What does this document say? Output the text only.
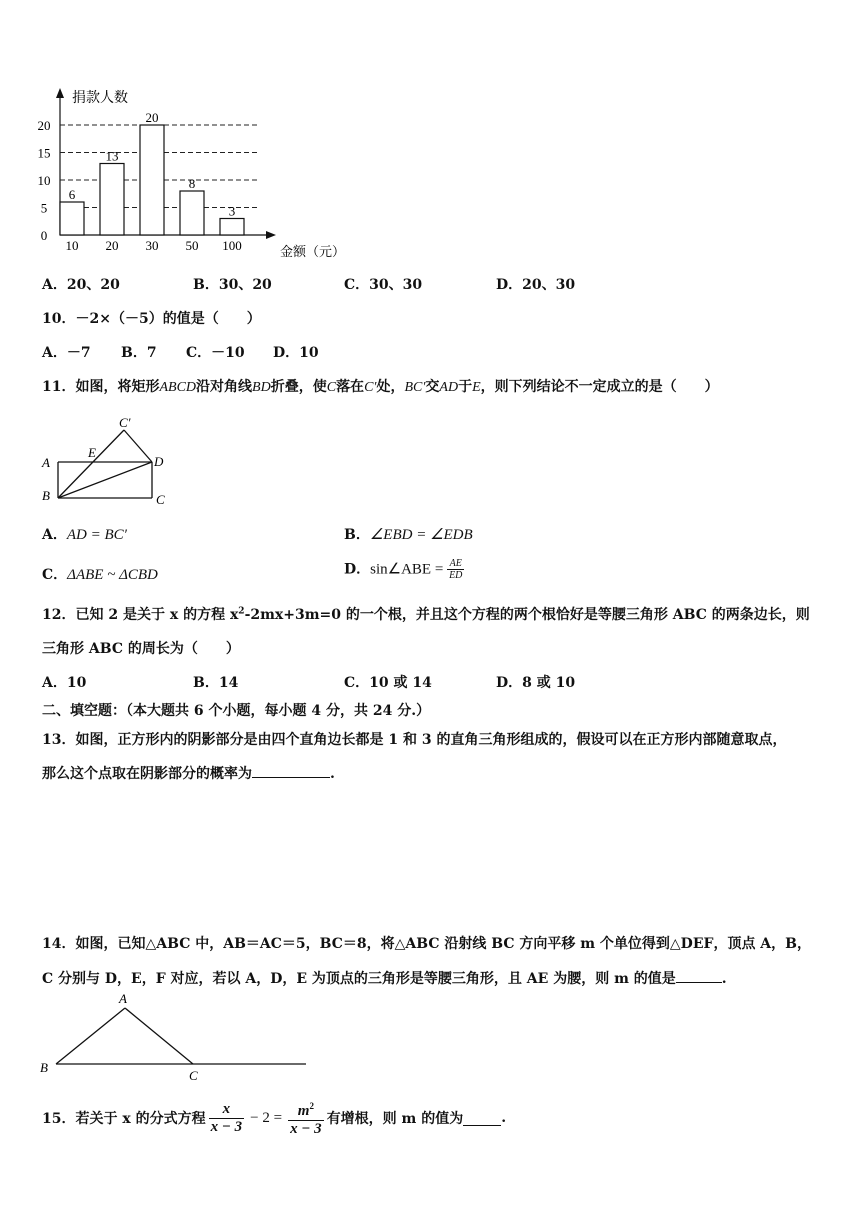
0
5
10
15
20
6
10
13
20
20
30
8
50
3
100
捐款人数
金额（元）
A．20、20	B．30、20	C．30、30	D．20、30
10．－2×（－5）的值是（　　）
A．－7 B．7 C．－10 D．10
11．如图，将矩形ABCD沿对角线BD折叠，使C落在C′处，BC′交AD于E，则下列结论不一定成立的是（　　）
C′
E
A	D
B	C
A．AD = BC′	B．∠EBD = ∠EDB
C．ΔABE ~ ΔCBD	D．sin∠ABE = $\frac{AE}{ED}$
12．已知 2 是关于 x 的方程 $x^2-2mx+3m=0$ 的一个根，并且这个方程的两个根恰好是等腰三角形 ABC 的两条边长，则
三角形 ABC 的周长为（　　）
A．10	B．14	C．10 或 14	D．8 或 10
二、填空题：（本大题共 6 个小题，每小题 4 分，共 24 分.）
13．如图，正方形内的阴影部分是由四个直角边长都是 1 和 3 的直角三角形组成的，假设可以在正方形内部随意取点，
那么这个点取在阴影部分的概率为	.
14．如图，已知△ABC 中，AB＝AC＝5，BC＝8，将△ABC 沿射线 BC 方向平移 m 个单位得到△DEF，顶点 A，B，
C 分别与 D，E，F 对应，若以 A，D，E 为顶点的三角形是等腰三角形，且 AE 为腰，则 m 的值是	.
A
B
C
15．若关于 x 的分式方程 $\frac{x}{x - 3} - 2 = \frac{m^2}{x - 3}$ 有增根，则 m 的值为	.
